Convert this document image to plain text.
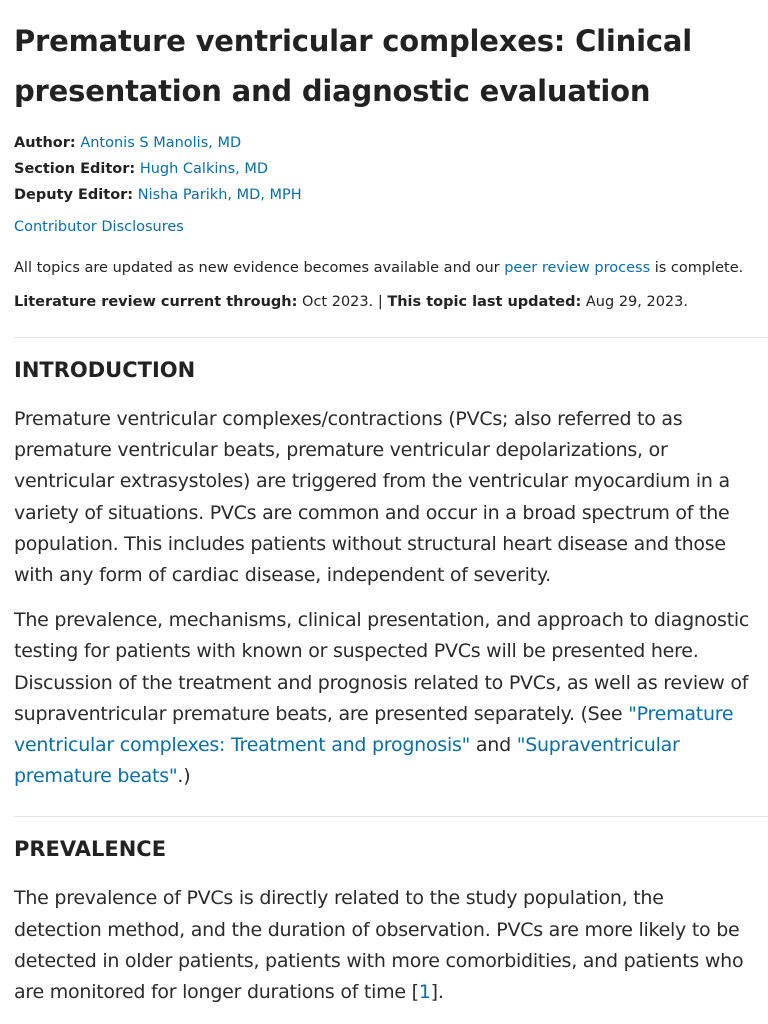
Premature ventricular complexes: Clinical presentation and diagnostic evaluation
Author: Antonis S Manolis, MD
Section Editor: Hugh Calkins, MD
Deputy Editor: Nisha Parikh, MD, MPH
Contributor Disclosures
All topics are updated as new evidence becomes available and our peer review process is complete.
Literature review current through: Oct 2023. | This topic last updated: Aug 29, 2023.
INTRODUCTION

Premature ventricular complexes/contractions (PVCs; also referred to as premature ventricular beats, premature ventricular depolarizations, or ventricular extrasystoles) are triggered from the ventricular myocardium in a variety of situations. PVCs are common and occur in a broad spectrum of the population. This includes patients without structural heart disease and those with any form of cardiac disease, independent of severity.

The prevalence, mechanisms, clinical presentation, and approach to diagnostic testing for patients with known or suspected PVCs will be presented here. Discussion of the treatment and prognosis related to PVCs, as well as review of supraventricular premature beats, are presented separately. (See "Premature ventricular complexes: Treatment and prognosis" and "Supraventricular premature beats".)

PREVALENCE

The prevalence of PVCs is directly related to the study population, the detection method, and the duration of observation. PVCs are more likely to be detected in older patients, patients with more comorbidities, and patients who are monitored for longer durations of time [1].
